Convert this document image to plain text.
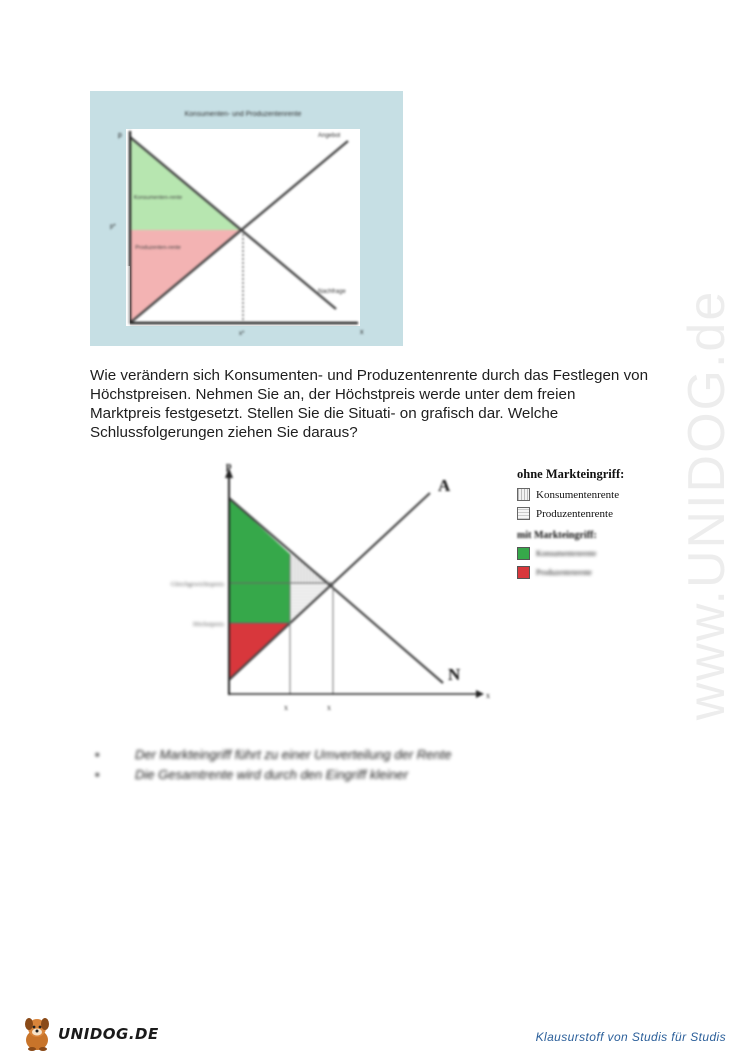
Konsumenten- und Produzentenrente
p
p*
x
x*
Angebot
Nachfrage
Konsumenten-rente
Produzenten-rente
Wie verändern sich Konsumenten- und Produzentenrente durch das Festlegen von Höchstpreisen. Nehmen Sie an, der Höchstpreis werde unter dem freien Marktpreis festgesetzt. Stellen Sie die Situati- on grafisch dar. Welche Schlussfolgerungen ziehen Sie daraus?
p
x
A
N
x	x
Gleichgewichtspreis
Höchstpreis
ohne Markteingriff:
Konsumentenrente
Produzentenrente
mit Markteingriff:
Konsumentenrente
Produzentenrente
•	Der Markteingriff führt zu einer Umverteilung der Rente
•	Die Gesamtrente wird durch den Eingriff kleiner
www.UNIDOG.de
UNIDOG.DE	Klausurstoff von Studis für Studis
